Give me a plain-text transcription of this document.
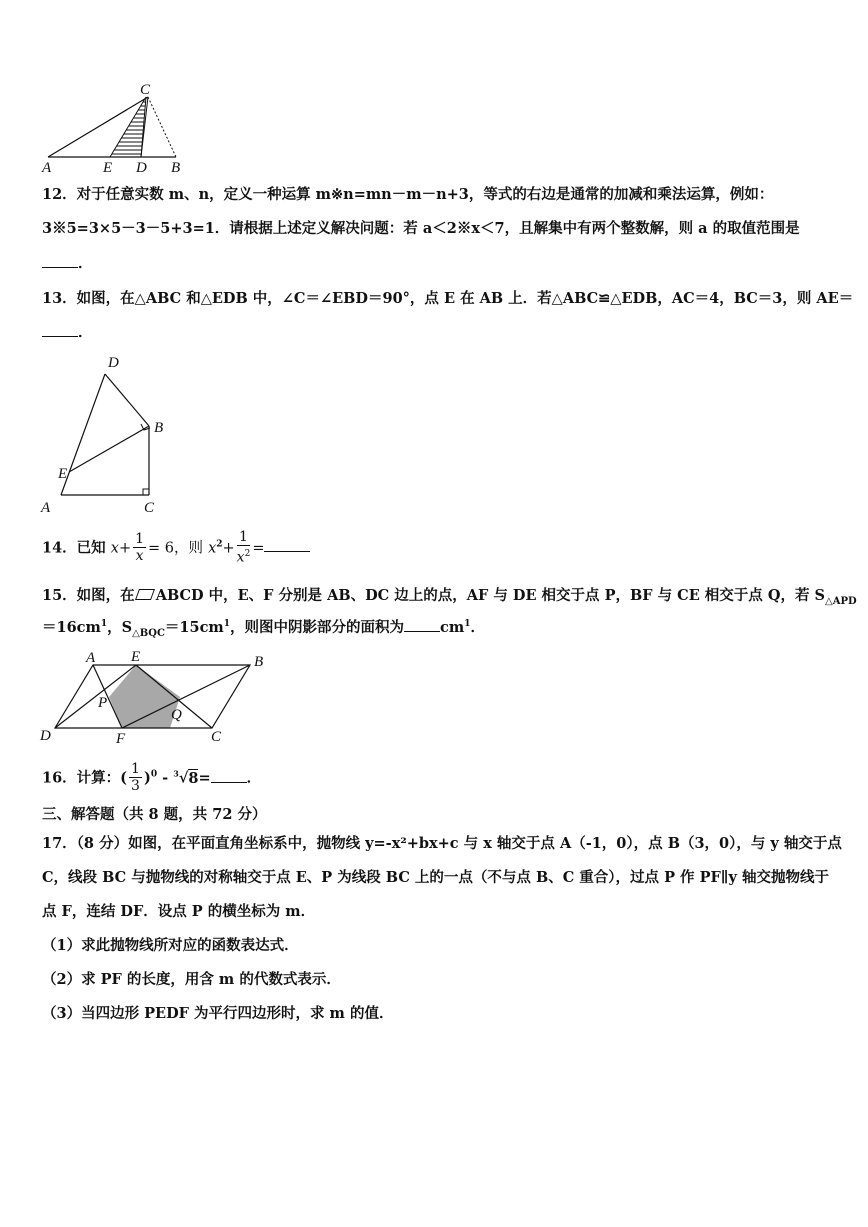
C
A	E D B
12．对于任意实数 m、n，定义一种运算 m※n=mn－m－n+3，等式的右边是通常的加减和乘法运算，例如：
3※5=3×5－3－5+3=1．请根据上述定义解决问题：若 a＜2※x＜7，且解集中有两个整数解，则 a 的取值范围是
．
13．如图，在△ABC 和△EDB 中，∠C＝∠EBD＝90°，点 E 在 AB 上．若△ABC≌△EDB，AC＝4，BC＝3，则 AE＝
．
D
B
E
A	C
14．已知 $x+ \frac{1}{x} = 6$，则 $x^2+ \frac{1}{x^2}$ =
15．如图，在 ABCD 中，E、F 分别是 AB、DC 边上的点，AF 与 DE 相交于点 P，BF 与 CE 相交于点 Q，若 $S_{\triangle APD}$
$=16cm^1$，$S_{\triangle BQC}=15cm^1$，则图中阴影部分的面积为 $cm^1$．
A E	B
P
Q
D	F	C
16．计算：( $\frac{1}{3} )^0 - ^3√8=$ ．
三、解答题（共 8 题，共 72 分）
17．（8 分）如图，在平面直角坐标系中，抛物线 y=-x²+bx+c 与 x 轴交于点 A（-1，0），点 B（3，0），与 y 轴交于点
C，线段 BC 与抛物线的对称轴交于点 E、P 为线段 BC 上的一点（不与点 B、C 重合），过点 P 作 PF∥y 轴交抛物线于
点 F，连结 DF．设点 P 的横坐标为 m．
（1）求此抛物线所对应的函数表达式．
（2）求 PF 的长度，用含 m 的代数式表示．
（3）当四边形 PEDF 为平行四边形时，求 m 的值．
